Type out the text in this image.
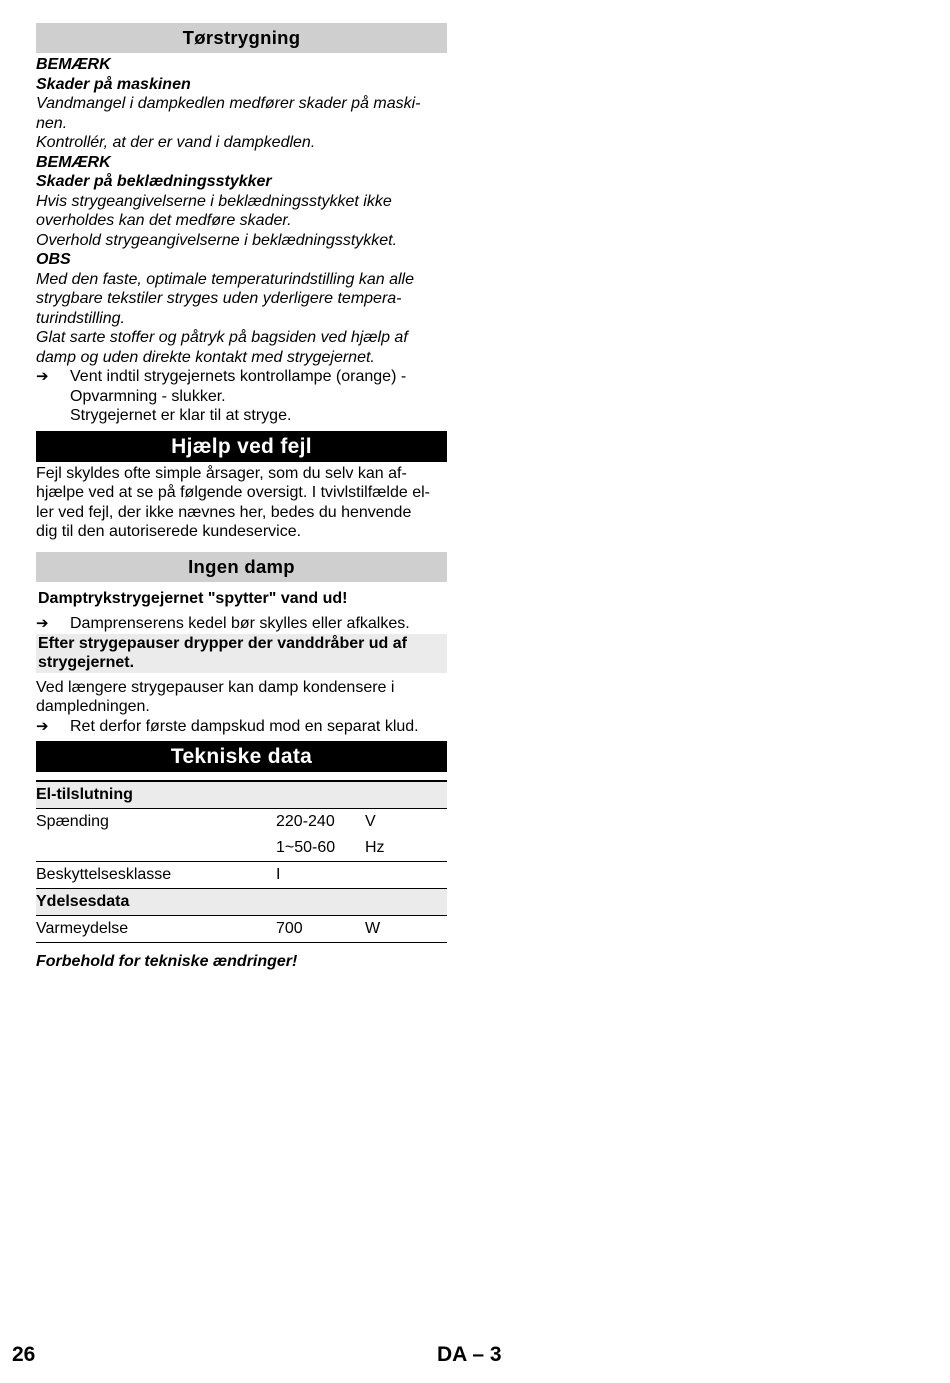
Tørstrygning

BEMÆRK

Skader på maskinen

Vandmangel i dampkedlen medfører skader på maski-

nen.

Kontrollér, at der er vand i dampkedlen.

BEMÆRK

Skader på beklædningsstykker

Hvis strygeangivelserne i beklædningsstykket ikke

overholdes kan det medføre skader.

Overhold strygeangivelserne i beklædningsstykket.

OBS

Med den faste, optimale temperaturindstilling kan alle

strygbare tekstiler stryges uden yderligere tempera-

turindstilling.

Glat sarte stoffer og påtryk på bagsiden ved hjælp af

damp og uden direkte kontakt med strygejernet.

➔	Vent indtil strygejernets kontrollampe (orange) -

Opvarmning - slukker.

Strygejernet er klar til at stryge.

Hjælp ved fejl

Fejl skyldes ofte simple årsager, som du selv kan af-

hjælpe ved at se på følgende oversigt. I tvivlstilfælde el-

ler ved fejl, der ikke nævnes her, bedes du henvende

dig til den autoriserede kundeservice.

Ingen damp

Damptrykstrygejernet "spytter" vand ud!

➔	Damprenserens kedel bør skylles eller afkalkes.

Efter strygepauser drypper der vanddråber ud af

strygejernet.

Ved længere strygepauser kan damp kondensere i

dampledningen.

➔	Ret derfor første dampskud mod en separat klud.

Tekniske data
El-tilslutning		
Spænding	220-240	V
	1~50-60	Hz
Beskyttelsesklasse	I	
Ydelsesdata		
Varmeydelse	700	W

Forbehold for tekniske ændringer!

26	DA – 3
